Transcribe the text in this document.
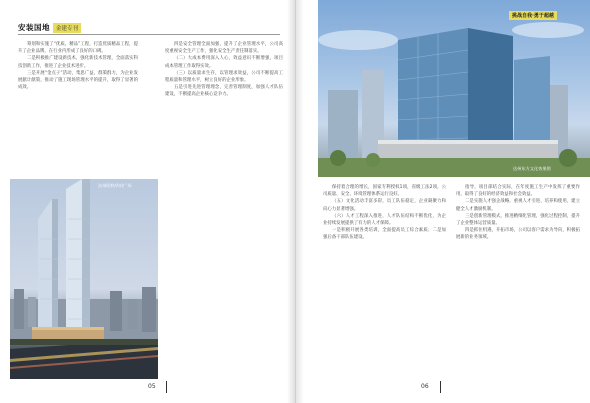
安装国地	金建专刊

筹划和实施了“优质、精品”工程，打造优质精品工程，提升了企业品牌，在行业内形成了良好的口碑。

二是积极推广建设新技术，强化新技术管理，全面落实科技创新工作，推进了企业技术进步。

三是开展“金点子”活动，集思广益，群策群力，为企业发展献计献策，推动了施工现场管理水平的提升，取得了显著的成效。

四是安全管理全面加强，提升了企业管理水平，公司高度重视安全生产工作，强化安全生产责任制落实。

（二）大成本费用深入人心，效益意识不断增强，项目成本管理工作取得实效。

（三）以质量求生存，以管理求效益，公司不断提高工程质量和管理水平，树立良好的企业形象。

五是引进先进管理理念，完善管理制度，加强人才队伍建设，不断提高企业核心竞争力。

达州阳秋华府广场
05

保持着合理的增长，国家专利授权1项，省级工法2项，公司质量、安全、环境管理体系运行良好。

（五）文化活动丰富多彩，员工队伍稳定，企业凝聚力和向心力显著增强。

（六）人才工程深入推进，人才队伍结构不断优化，为企业持续发展提供了有力的人才保障。

一是积极开展各类培训，全面提高员工综合素质；二是加强后备干部队伍建设。

指导，项目部结合实际，在年度施工生产中发挥了重要作用，取得了良好的经济效益和社会效益。

二是实施人才强企战略，重视人才引进、培养和使用，建立健全人才激励机制。

三是创新管理模式，推进精细化管理，强化过程控制，提升了企业整体运营质量。

四是抓住机遇，开拓市场，公司以客户需求为导向，积极拓展新的业务领域。

06
达州东方文化效果图
挑战自我·勇于超越
